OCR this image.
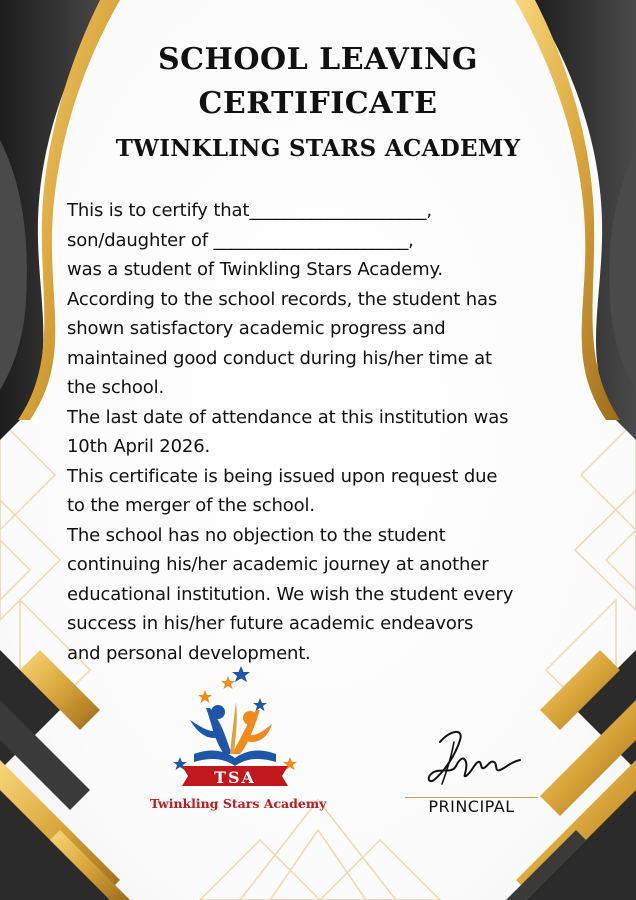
SCHOOL LEAVING
CERTIFICATE
TWINKLING STARS ACADEMY

This is to certify that____________________,
son/daughter of ______________________,
was a student of Twinkling Stars Academy.
According to the school records, the student has
shown satisfactory academic progress and
maintained good conduct during his/her time at
the school.

The last date of attendance at this institution was
10th April 2026.

This certificate is being issued upon request due
to the merger of the school.

The school has no objection to the student
continuing his/her academic journey at another
educational institution. We wish the student every
success in his/her future academic endeavors
and personal development.

TSA
Twinkling Stars Academy	PRINCIPAL
